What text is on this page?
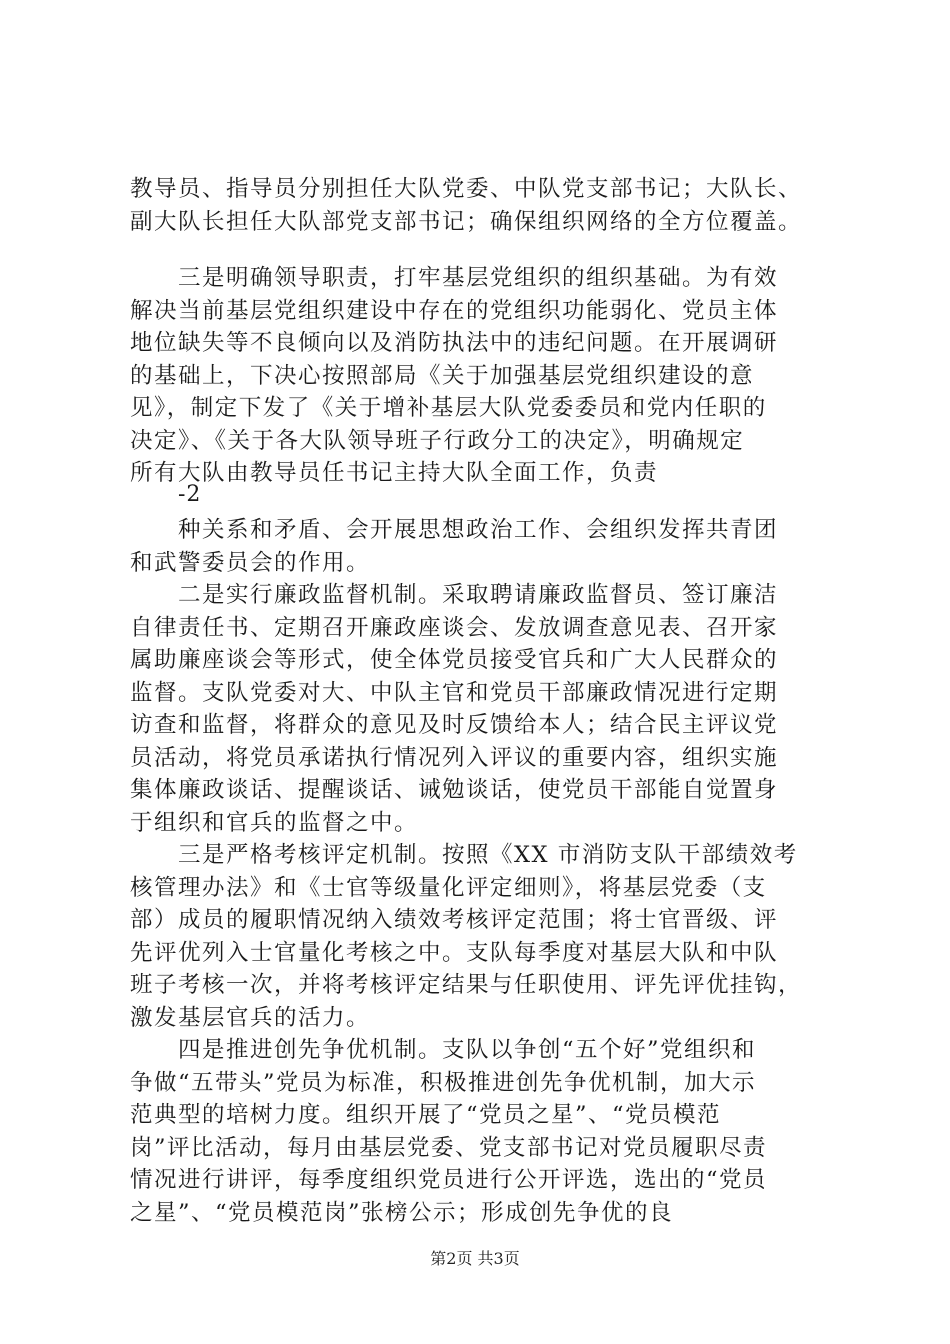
教导员、指导员分别担任大队党委、中队党支部书记；大队长、
副大队长担任大队部党支部书记；确保组织网络的全方位覆盖。
　　三是明确领导职责，打牢基层党组织的组织基础。为有效
解决当前基层党组织建设中存在的党组织功能弱化、党员主体
地位缺失等不良倾向以及消防执法中的违纪问题。在开展调研
的基础上，下决心按照部局《关于加强基层党组织建设的意
见》，制定下发了《关于增补基层大队党委委员和党内任职的
决定》、《关于各大队领导班子行政分工的决定》，明确规定
所有大队由教导员任书记主持大队全面工作，负责
-2
　　种关系和矛盾、会开展思想政治工作、会组织发挥共青团
和武警委员会的作用。
　　二是实行廉政监督机制。采取聘请廉政监督员、签订廉洁
自律责任书、定期召开廉政座谈会、发放调查意见表、召开家
属助廉座谈会等形式，使全体党员接受官兵和广大人民群众的
监督。支队党委对大、中队主官和党员干部廉政情况进行定期
访查和监督，将群众的意见及时反馈给本人；结合民主评议党
员活动，将党员承诺执行情况列入评议的重要内容，组织实施
集体廉政谈话、提醒谈话、诫勉谈话，使党员干部能自觉置身
于组织和官兵的监督之中。
　　三是严格考核评定机制。按照《XX 市消防支队干部绩效考
核管理办法》和《士官等级量化评定细则》，将基层党委（支
部）成员的履职情况纳入绩效考核评定范围；将士官晋级、评
先评优列入士官量化考核之中。支队每季度对基层大队和中队
班子考核一次，并将考核评定结果与任职使用、评先评优挂钩，
激发基层官兵的活力。
　　四是推进创先争优机制。支队以争创“五个好”党组织和
争做“五带头”党员为标准，积极推进创先争优机制，加大示
范典型的培树力度。组织开展了“党员之星”、“党员模范
岗”评比活动，每月由基层党委、党支部书记对党员履职尽责
情况进行讲评，每季度组织党员进行公开评选，选出的“党员
之星”、“党员模范岗”张榜公示；形成创先争优的良
第2页 共3页
